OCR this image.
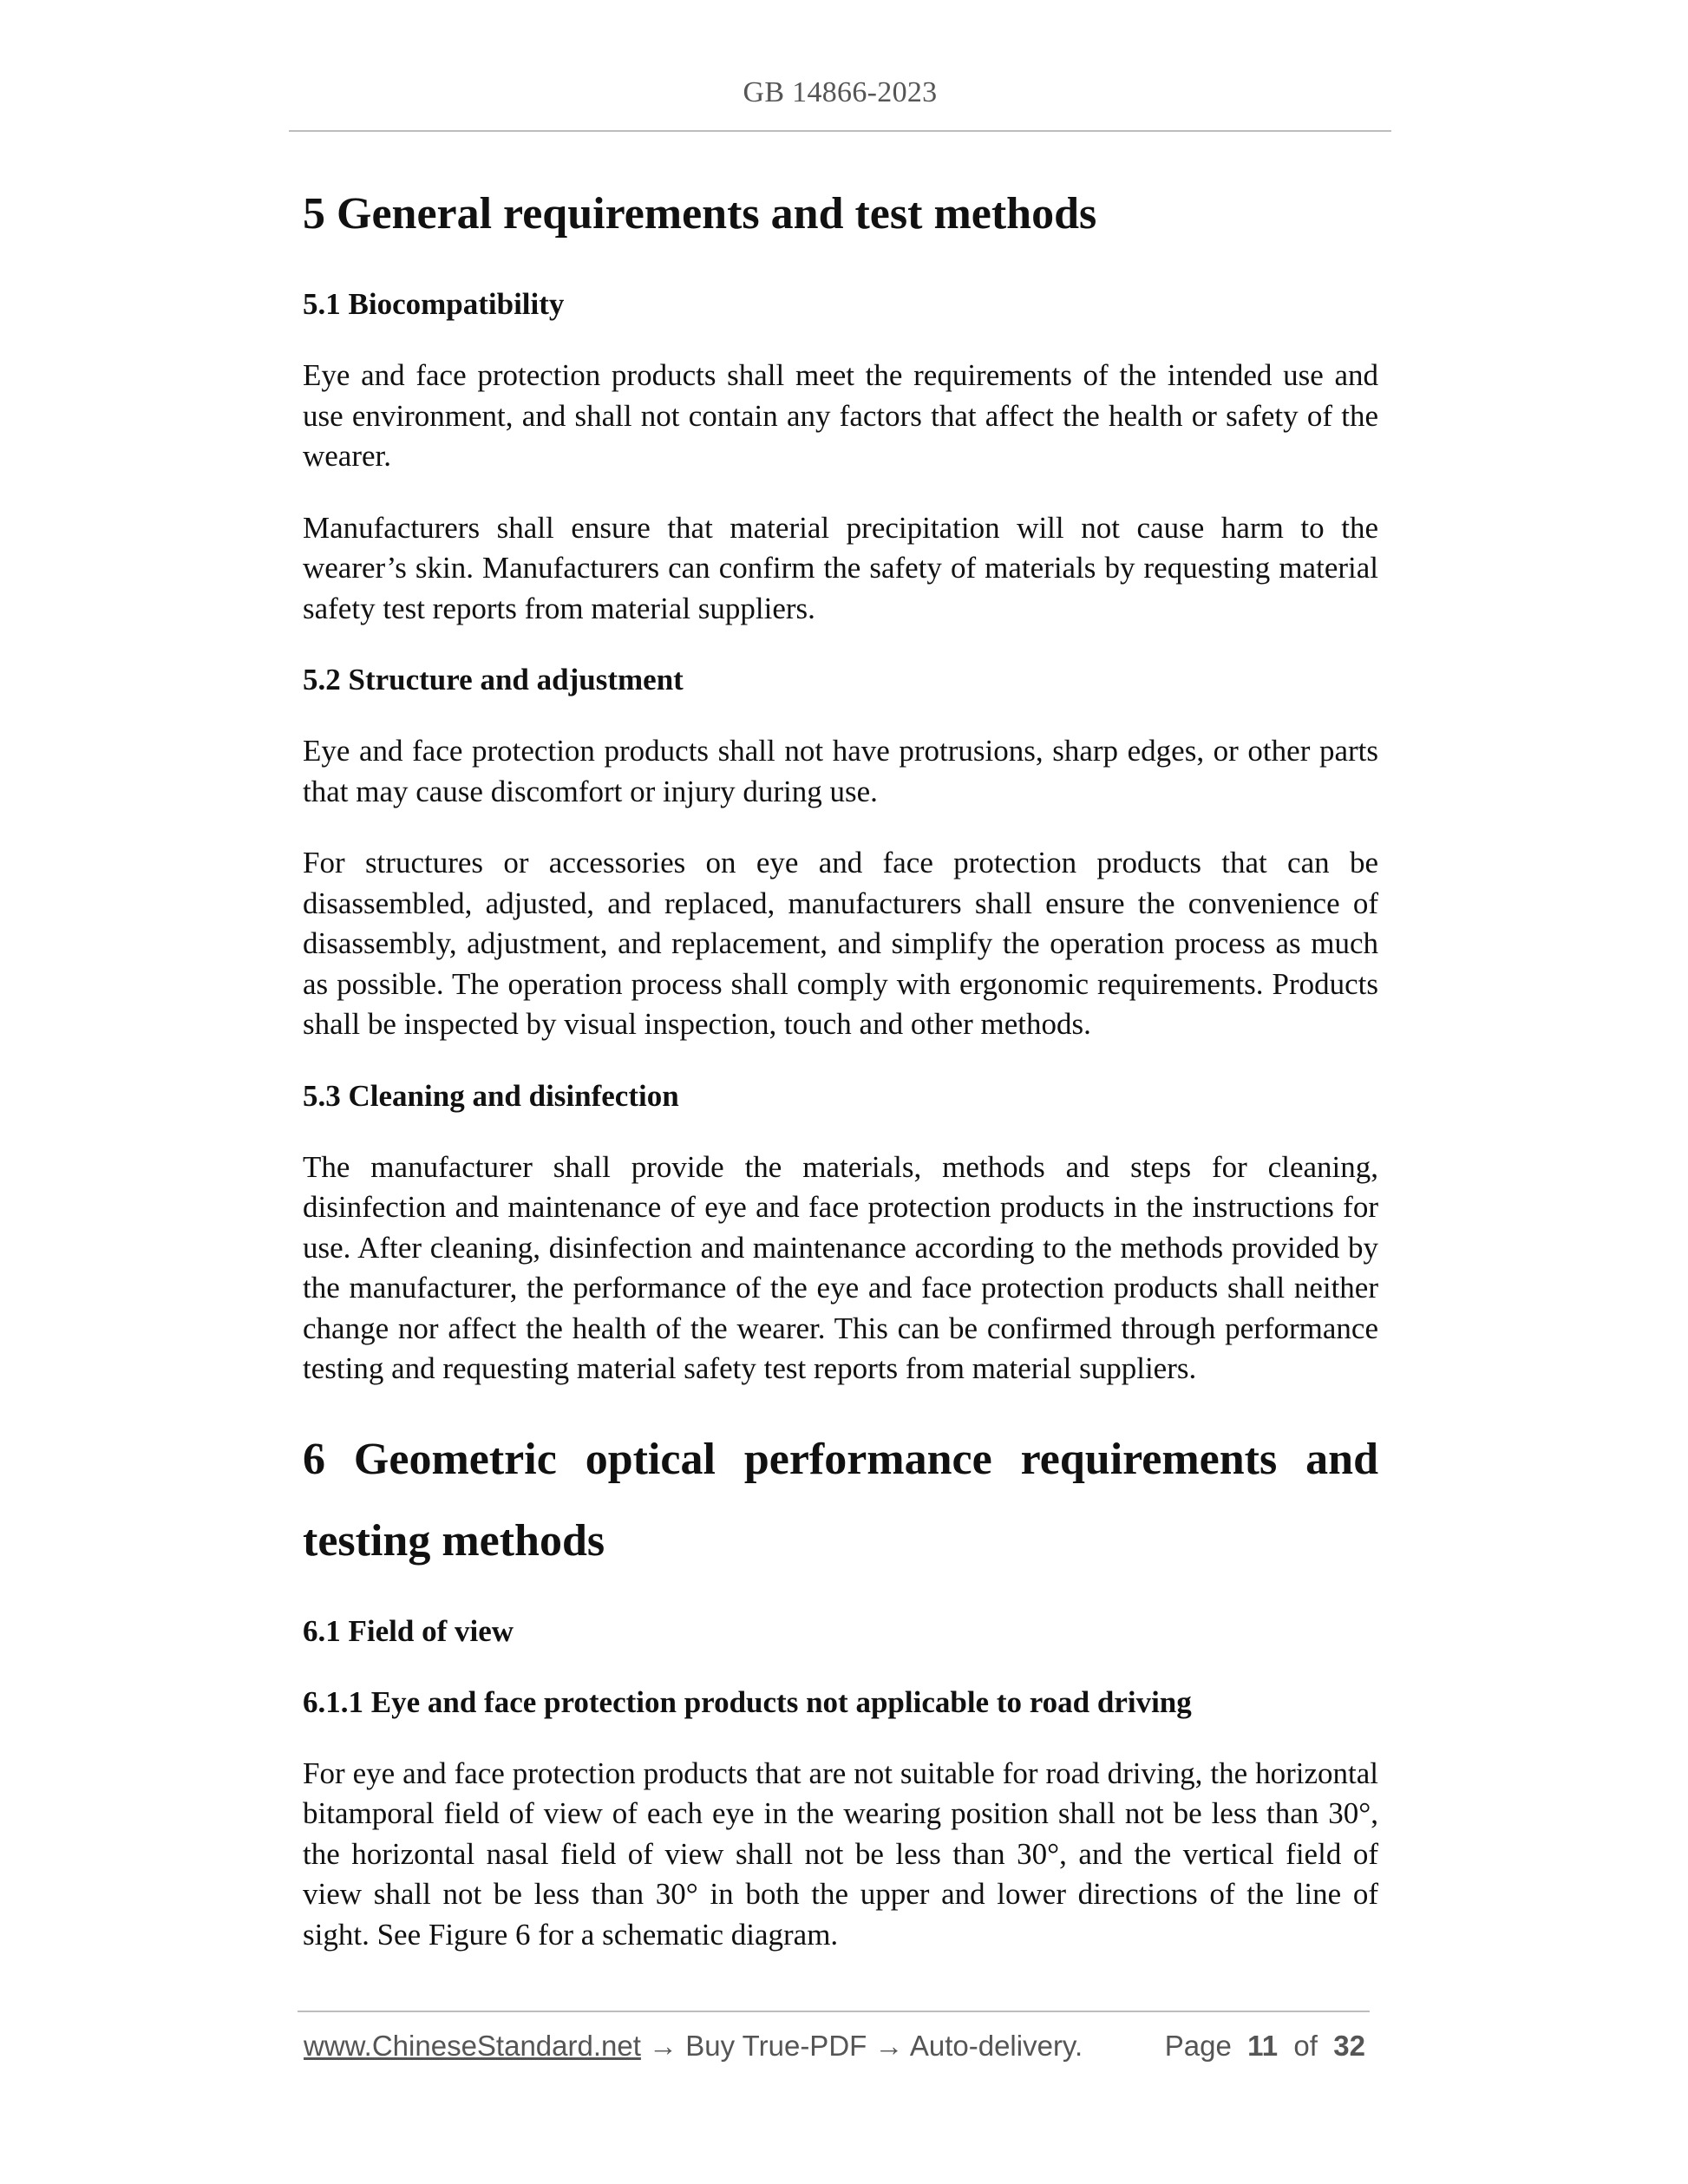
GB 14866-2023
5 General requirements and test methods
5.1 Biocompatibility

Eye and face protection products shall meet the requirements of the intended use and use environment, and shall not contain any factors that affect the health or safety of the wearer.

Manufacturers shall ensure that material precipitation will not cause harm to the wearer’s skin. Manufacturers can confirm the safety of materials by requesting material safety test reports from material suppliers.

5.2 Structure and adjustment

Eye and face protection products shall not have protrusions, sharp edges, or other parts that may cause discomfort or injury during use.

For structures or accessories on eye and face protection products that can be disassembled, adjusted, and replaced, manufacturers shall ensure the convenience of disassembly, adjustment, and replacement, and simplify the operation process as much as possible. The operation process shall comply with ergonomic requirements. Products shall be inspected by visual inspection, touch and other methods.

5.3 Cleaning and disinfection

The manufacturer shall provide the materials, methods and steps for cleaning, disinfection and maintenance of eye and face protection products in the instructions for use. After cleaning, disinfection and maintenance according to the methods provided by the manufacturer, the performance of the eye and face protection products shall neither change nor affect the health of the wearer. This can be confirmed through performance testing and requesting material safety test reports from material suppliers.

6 Geometric optical performance requirements and testing methods
6.1 Field of view
6.1.1 Eye and face protection products not applicable to road driving

For eye and face protection products that are not suitable for road driving, the horizontal bitamporal field of view of each eye in the wearing position shall not be less than 30°, the horizontal nasal field of view shall not be less than 30°, and the vertical field of view shall not be less than 30° in both the upper and lower directions of the line of sight. See Figure 6 for a schematic diagram.

www.ChineseStandard.net → Buy True-PDF → Auto-delivery.	Page 11 of 32
